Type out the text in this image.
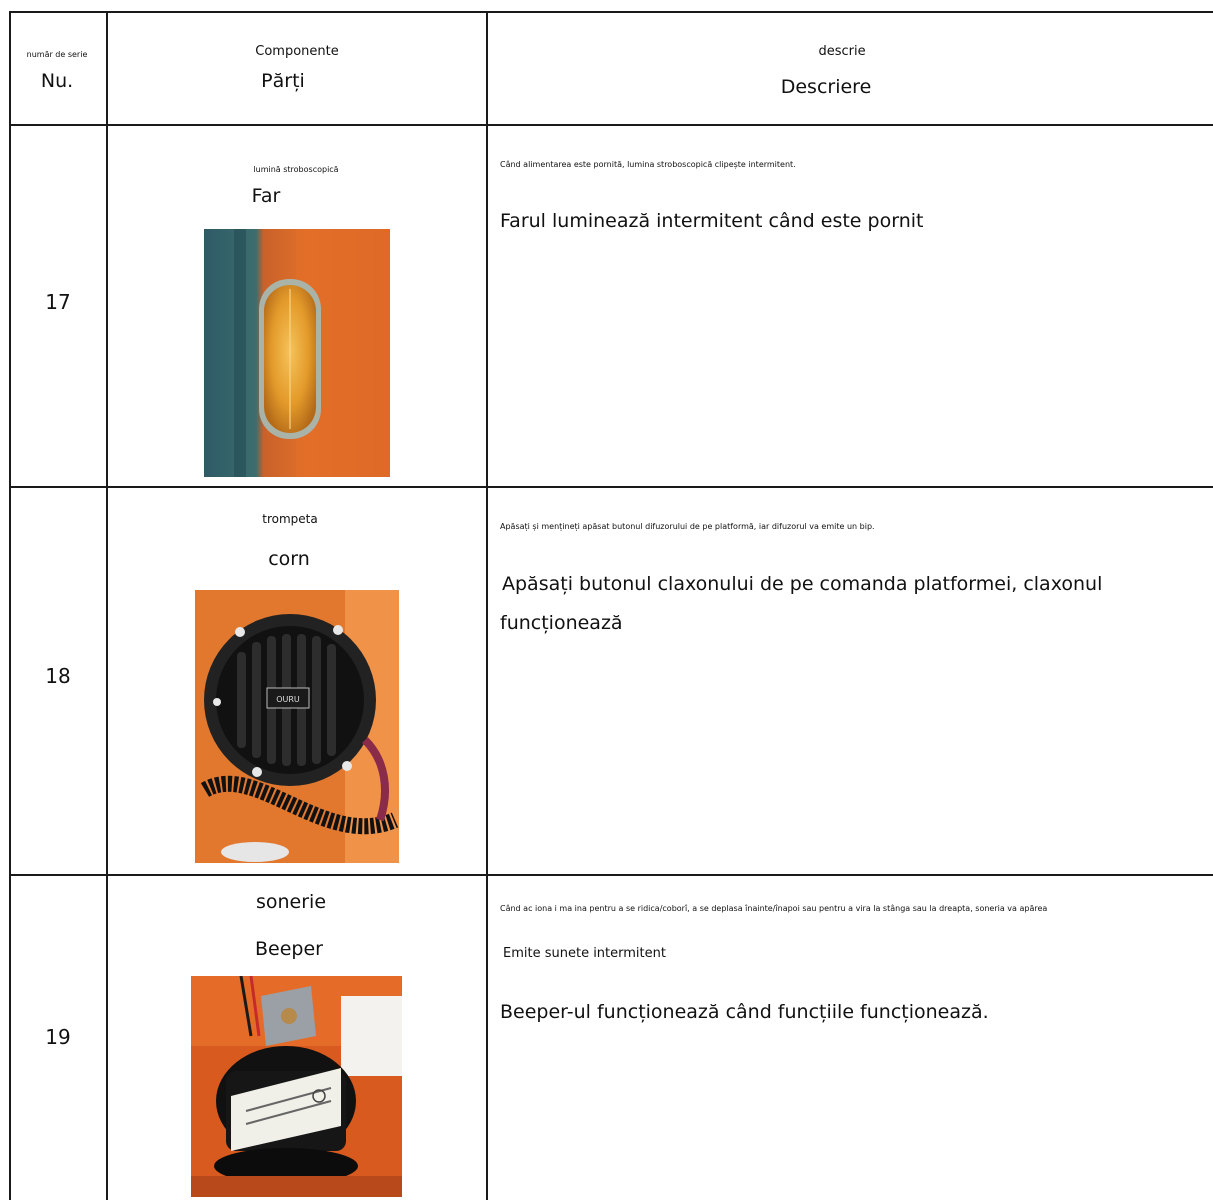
număr de serie
Nu.
Componente
Părți
descrie
Descriere
17
lumină stroboscopică
Far
Când alimentarea este pornită, lumina stroboscopică clipește intermitent.
Farul luminează intermitent când este pornit
18
trompeta
corn
OURU
Apăsați și mențineți apăsat butonul difuzorului de pe platformă, iar difuzorul va emite un bip.
Apăsați butonul claxonului de pe comanda platformei, claxonul
funcționează
19
sonerie
Beeper
Când ac iona i ma ina pentru a se ridica/coborî, a se deplasa înainte/înapoi sau pentru a vira la stânga sau la dreapta, soneria va apărea
Emite sunete intermitent
Beeper-ul funcționează când funcțiile funcționează.
